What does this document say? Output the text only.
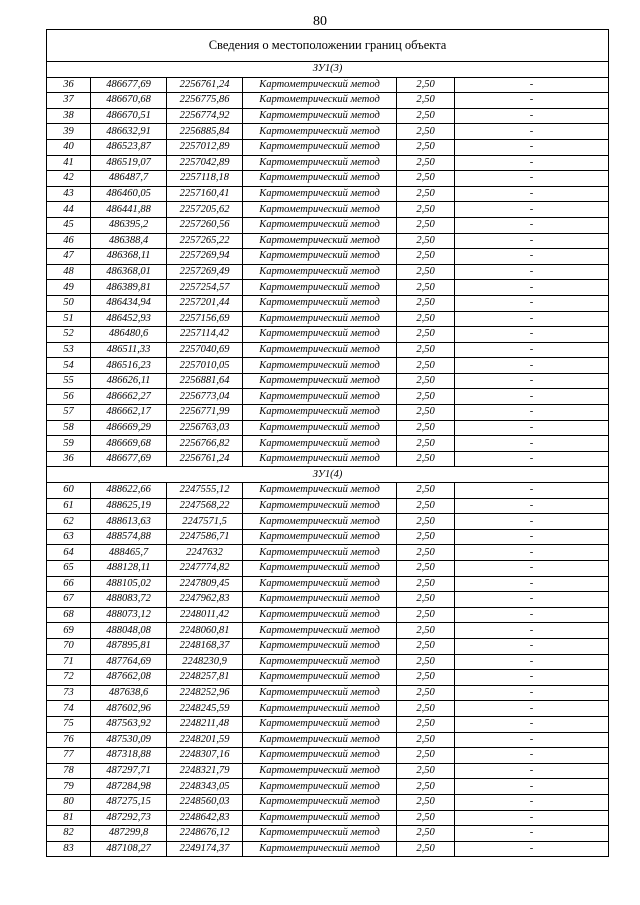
80
Сведения о местоположении границ объекта					
ЗУ1(3)					
36	486677,69	2256761,24	Картометрический метод	2,50	-
37	486670,68	2256775,86	Картометрический метод	2,50	-
38	486670,51	2256774,92	Картометрический метод	2,50	-
39	486632,91	2256885,84	Картометрический метод	2,50	-
40	486523,87	2257012,89	Картометрический метод	2,50	-
41	486519,07	2257042,89	Картометрический метод	2,50	-
42	486487,7	2257118,18	Картометрический метод	2,50	-
43	486460,05	2257160,41	Картометрический метод	2,50	-
44	486441,88	2257205,62	Картометрический метод	2,50	-
45	486395,2	2257260,56	Картометрический метод	2,50	-
46	486388,4	2257265,22	Картометрический метод	2,50	-
47	486368,11	2257269,94	Картометрический метод	2,50	-
48	486368,01	2257269,49	Картометрический метод	2,50	-
49	486389,81	2257254,57	Картометрический метод	2,50	-
50	486434,94	2257201,44	Картометрический метод	2,50	-
51	486452,93	2257156,69	Картометрический метод	2,50	-
52	486480,6	2257114,42	Картометрический метод	2,50	-
53	486511,33	2257040,69	Картометрический метод	2,50	-
54	486516,23	2257010,05	Картометрический метод	2,50	-
55	486626,11	2256881,64	Картометрический метод	2,50	-
56	486662,27	2256773,04	Картометрический метод	2,50	-
57	486662,17	2256771,99	Картометрический метод	2,50	-
58	486669,29	2256763,03	Картометрический метод	2,50	-
59	486669,68	2256766,82	Картометрический метод	2,50	-
36	486677,69	2256761,24	Картометрический метод	2,50	-
ЗУ1(4)					
60	488622,66	2247555,12	Картометрический метод	2,50	-
61	488625,19	2247568,22	Картометрический метод	2,50	-
62	488613,63	2247571,5	Картометрический метод	2,50	-
63	488574,88	2247586,71	Картометрический метод	2,50	-
64	488465,7	2247632	Картометрический метод	2,50	-
65	488128,11	2247774,82	Картометрический метод	2,50	-
66	488105,02	2247809,45	Картометрический метод	2,50	-
67	488083,72	2247962,83	Картометрический метод	2,50	-
68	488073,12	2248011,42	Картометрический метод	2,50	-
69	488048,08	2248060,81	Картометрический метод	2,50	-
70	487895,81	2248168,37	Картометрический метод	2,50	-
71	487764,69	2248230,9	Картометрический метод	2,50	-
72	487662,08	2248257,81	Картометрический метод	2,50	-
73	487638,6	2248252,96	Картометрический метод	2,50	-
74	487602,96	2248245,59	Картометрический метод	2,50	-
75	487563,92	2248211,48	Картометрический метод	2,50	-
76	487530,09	2248201,59	Картометрический метод	2,50	-
77	487318,88	2248307,16	Картометрический метод	2,50	-
78	487297,71	2248321,79	Картометрический метод	2,50	-
79	487284,98	2248343,05	Картометрический метод	2,50	-
80	487275,15	2248560,03	Картометрический метод	2,50	-
81	487292,73	2248642,83	Картометрический метод	2,50	-
82	487299,8	2248676,12	Картометрический метод	2,50	-
83	487108,27	2249174,37	Картометрический метод	2,50	-
